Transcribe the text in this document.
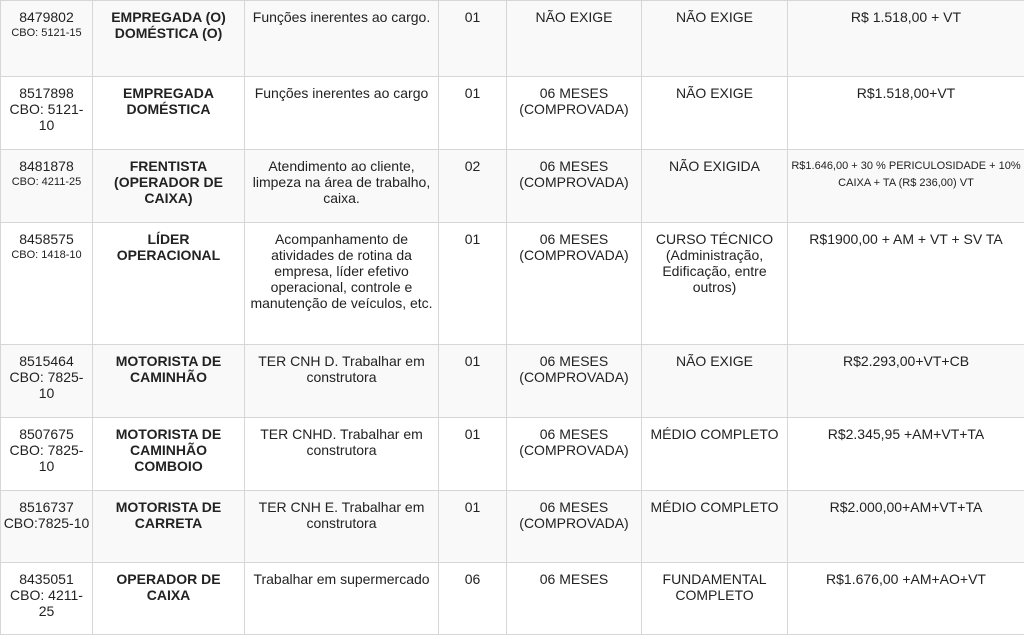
8479802
CBO: 5121-15	EMPREGADA (O) DOMÉSTICA (O)	Funções inerentes ao cargo.	01	NÃO EXIGE	NÃO EXIGE	R$ 1.518,00 + VT

8517898
CBO: 5121-10	EMPREGADA DOMÉSTICA	Funções inerentes ao cargo	01	06 MESES (COMPROVADA)	NÃO EXIGE	R$1.518,00+VT

8481878
CBO: 4211-25	FRENTISTA (OPERADOR DE CAIXA)	Atendimento ao cliente, limpeza na área de trabalho, caixa.	02	06 MESES (COMPROVADA)	NÃO EXIGIDA	R$1.646,00 + 30 % PERICULOSIDADE + 10% CAIXA + TA (R$ 236,00) VT

8458575
CBO: 1418-10	LÍDER OPERACIONAL	Acompanhamento de atividades de rotina da empresa, líder efetivo operacional, controle e manutenção de veículos, etc.	01	06 MESES (COMPROVADA)	CURSO TÉCNICO (Administração, Edificação, entre outros)	R$1900,00 + AM + VT + SV TA

8515464
CBO: 7825-10	MOTORISTA DE CAMINHÃO	TER CNH D. Trabalhar em construtora	01	06 MESES (COMPROVADA)	NÃO EXIGE	R$2.293,00+VT+CB

8507675
CBO: 7825-10	MOTORISTA DE CAMINHÃO COMBOIO	TER CNHD. Trabalhar em construtora	01	06 MESES (COMPROVADA)	MÉDIO COMPLETO	R$2.345,95 +AM+VT+TA

8516737
CBO:7825-10	MOTORISTA DE CARRETA	TER CNH E. Trabalhar em construtora	01	06 MESES (COMPROVADA)	MÉDIO COMPLETO	R$2.000,00+AM+VT+TA

8435051
CBO: 4211-25	OPERADOR DE CAIXA	Trabalhar em supermercado	06	06 MESES	FUNDAMENTAL COMPLETO	R$1.676,00 +AM+AO+VT
